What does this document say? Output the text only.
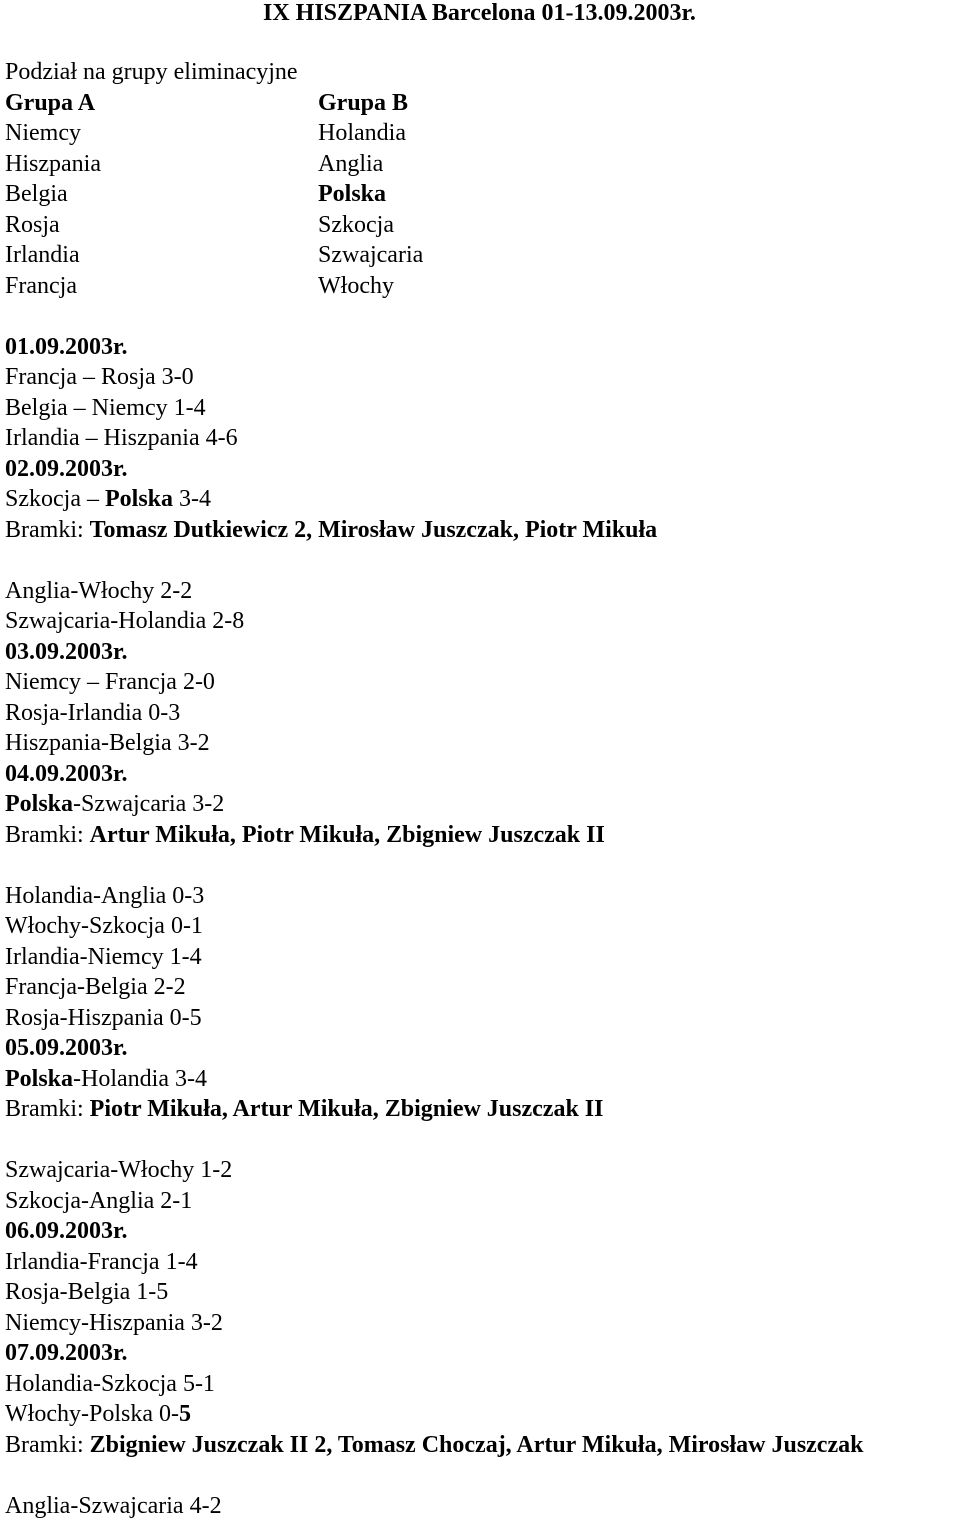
IX HISZPANIA Barcelona 01-13.09.2003r.
Podział na grupy eliminacyjne
Grupa A	Grupa B
Niemcy	Holandia
Hiszpania	Anglia
Belgia	Polska
Rosja	Szkocja
Irlandia	Szwajcaria
Francja	Włochy
01.09.2003r.
Francja – Rosja 3-0
Belgia – Niemcy 1-4
Irlandia – Hiszpania 4-6
02.09.2003r.
Szkocja – Polska 3-4
Bramki: Tomasz Dutkiewicz 2, Mirosław Juszczak, Piotr Mikuła
Anglia-Włochy 2-2
Szwajcaria-Holandia 2-8
03.09.2003r.
Niemcy – Francja 2-0
Rosja-Irlandia 0-3
Hiszpania-Belgia 3-2
04.09.2003r.
Polska-Szwajcaria 3-2
Bramki: Artur Mikuła, Piotr Mikuła, Zbigniew Juszczak II
Holandia-Anglia 0-3
Włochy-Szkocja 0-1
Irlandia-Niemcy 1-4
Francja-Belgia 2-2
Rosja-Hiszpania 0-5
05.09.2003r.
Polska-Holandia 3-4
Bramki: Piotr Mikuła, Artur Mikuła, Zbigniew Juszczak II
Szwajcaria-Włochy 1-2
Szkocja-Anglia 2-1
06.09.2003r.
Irlandia-Francja 1-4
Rosja-Belgia 1-5
Niemcy-Hiszpania 3-2
07.09.2003r.
Holandia-Szkocja 5-1
Włochy-Polska 0-5
Bramki: Zbigniew Juszczak II 2, Tomasz Choczaj, Artur Mikuła, Mirosław Juszczak
Anglia-Szwajcaria 4-2
